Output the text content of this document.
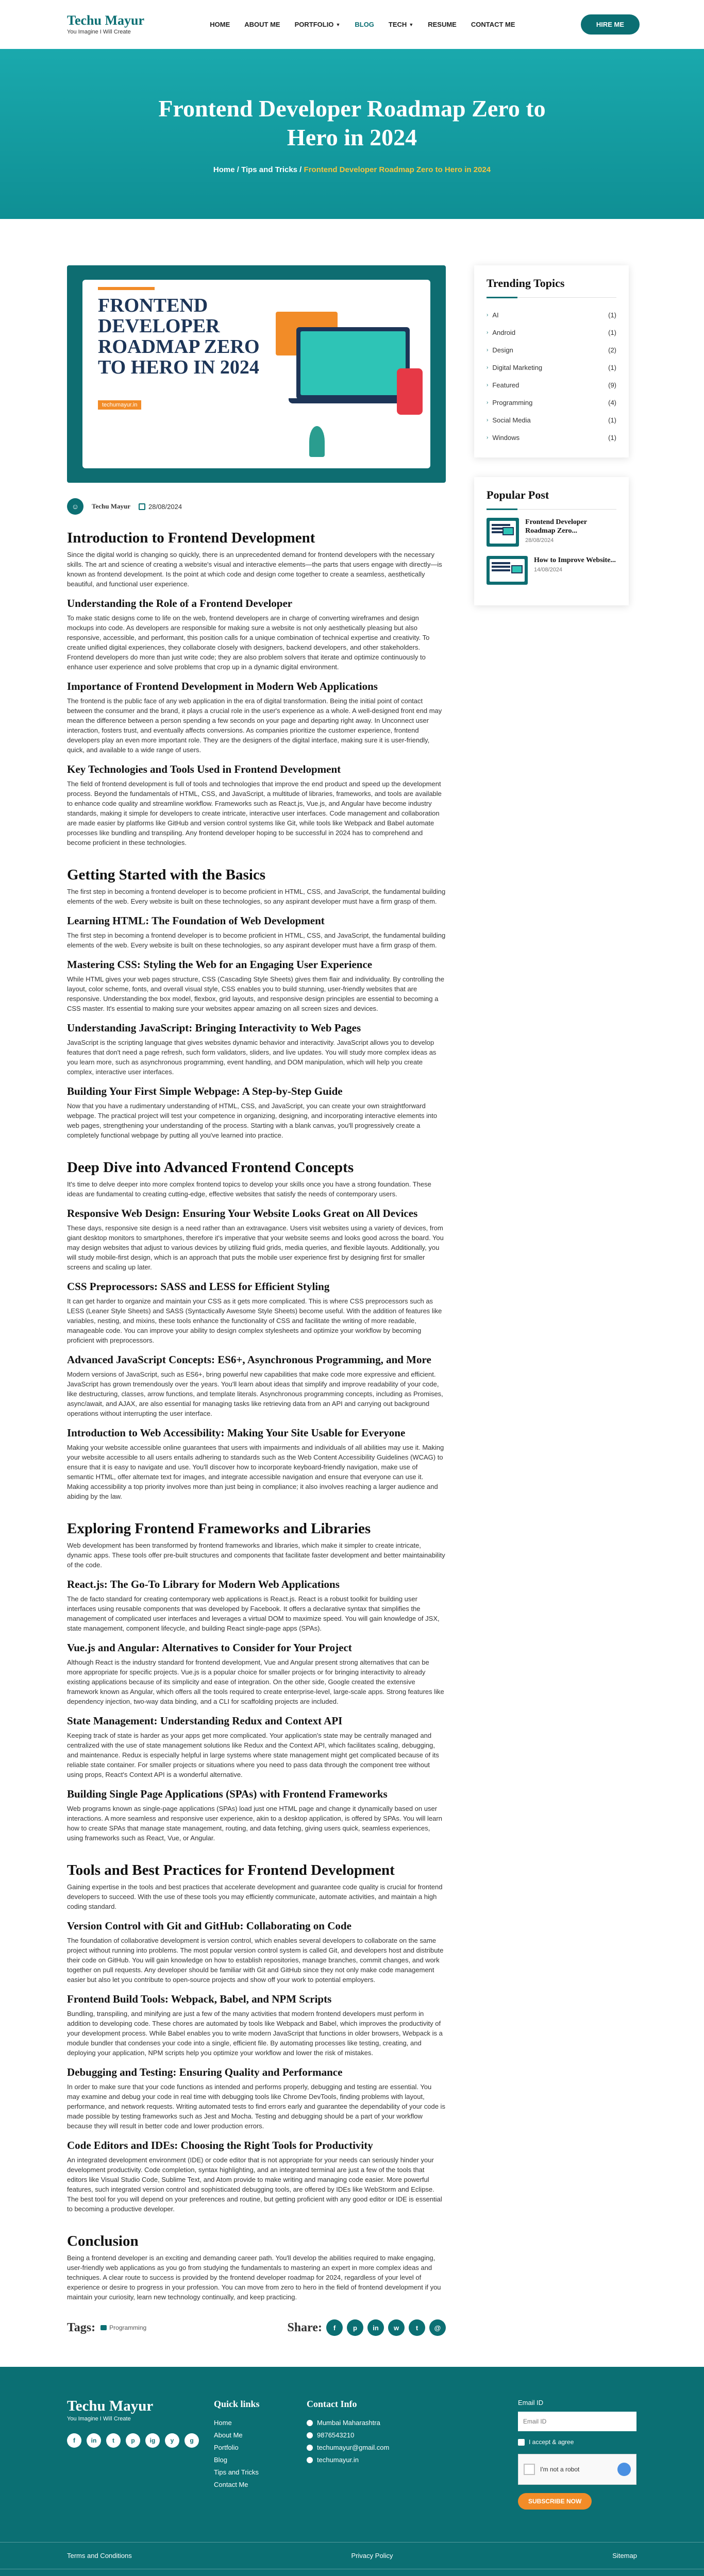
Techu Mayur
You Imagine I Will Create
HOME ABOUT ME PORTFOLIO ▼ BLOG TECH ▼ RESUME CONTACT ME	HIRE ME
Frontend Developer Roadmap Zero to Hero in 2024
Home / Tips and Tricks / Frontend Developer Roadmap Zero to Hero in 2024
FRONTEND DEVELOPER ROADMAP ZERO TO HERO IN 2024
techumayur.in
☺	Techu Mayur	28/08/2024
Introduction to Frontend Development

Since the digital world is changing so quickly, there is an unprecedented demand for frontend developers with the necessary skills. The art and science of creating a website's visual and interactive elements—the parts that users engage with directly—is known as frontend development. Is the point at which code and design come together to create a seamless, aesthetically beautiful, and functional user experience.

Understanding the Role of a Frontend Developer

To make static designs come to life on the web, frontend developers are in charge of converting wireframes and design mockups into code. As developers are responsible for making sure a website is not only aesthetically pleasing but also responsive, accessible, and performant, this position calls for a unique combination of technical expertise and creativity. To create unified digital experiences, they collaborate closely with designers, backend developers, and other stakeholders. Frontend developers do more than just write code; they are also problem solvers that iterate and optimize continuously to enhance user experience and solve problems that crop up in a dynamic digital environment.

Importance of Frontend Development in Modern Web Applications

The frontend is the public face of any web application in the era of digital transformation. Being the initial point of contact between the consumer and the brand, it plays a crucial role in the user's experience as a whole. A well-designed front end may mean the difference between a person spending a few seconds on your page and departing right away. In Unconnect user interaction, fosters trust, and eventually affects conversions. As companies prioritize the customer experience, frontend developers play an even more important role. They are the designers of the digital interface, making sure it is user-friendly, quick, and available to a wide range of users.

Key Technologies and Tools Used in Frontend Development

The field of frontend development is full of tools and technologies that improve the end product and speed up the development process. Beyond the fundamentals of HTML, CSS, and JavaScript, a multitude of libraries, frameworks, and tools are available to enhance code quality and streamline workflow. Frameworks such as React.js, Vue.js, and Angular have become industry standards, making it simple for developers to create intricate, interactive user interfaces. Code management and collaboration are made easier by platforms like GitHub and version control systems like Git, while tools like Webpack and Babel automate processes like bundling and transpiling. Any frontend developer hoping to be successful in 2024 has to comprehend and become proficient in these technologies.

Getting Started with the Basics

The first step in becoming a frontend developer is to become proficient in HTML, CSS, and JavaScript, the fundamental building elements of the web. Every website is built on these technologies, so any aspirant developer must have a firm grasp of them.

Learning HTML: The Foundation of Web Development

The first step in becoming a frontend developer is to become proficient in HTML, CSS, and JavaScript, the fundamental building elements of the web. Every website is built on these technologies, so any aspirant developer must have a firm grasp of them.

Mastering CSS: Styling the Web for an Engaging User Experience

While HTML gives your web pages structure, CSS (Cascading Style Sheets) gives them flair and individuality. By controlling the layout, color scheme, fonts, and overall visual style, CSS enables you to build stunning, user-friendly websites that are responsive. Understanding the box model, flexbox, grid layouts, and responsive design principles are essential to becoming a CSS master. It's essential to making sure your websites appear amazing on all screen sizes and devices.

Understanding JavaScript: Bringing Interactivity to Web Pages

JavaScript is the scripting language that gives websites dynamic behavior and interactivity. JavaScript allows you to develop features that don't need a page refresh, such form validators, sliders, and live updates. You will study more complex ideas as you learn more, such as asynchronous programming, event handling, and DOM manipulation, which will help you create complex, interactive user interfaces.

Building Your First Simple Webpage: A Step-by-Step Guide

Now that you have a rudimentary understanding of HTML, CSS, and JavaScript, you can create your own straightforward webpage. The practical project will test your competence in organizing, designing, and incorporating interactive elements into web pages, strengthening your understanding of the process. Starting with a blank canvas, you'll progressively create a completely functional webpage by putting all you've learned into practice.

Deep Dive into Advanced Frontend Concepts

It's time to delve deeper into more complex frontend topics to develop your skills once you have a strong foundation. These ideas are fundamental to creating cutting-edge, effective websites that satisfy the needs of contemporary users.

Responsive Web Design: Ensuring Your Website Looks Great on All Devices

These days, responsive site design is a need rather than an extravagance. Users visit websites using a variety of devices, from giant desktop monitors to smartphones, therefore it's imperative that your website seems and looks good across the board. You may design websites that adjust to various devices by utilizing fluid grids, media queries, and flexible layouts. Additionally, you will study mobile-first design, which is an approach that puts the mobile user experience first by designing first for smaller screens and scaling up later.

CSS Preprocessors: SASS and LESS for Efficient Styling

It can get harder to organize and maintain your CSS as it gets more complicated. This is where CSS preprocessors such as LESS (Leaner Style Sheets) and SASS (Syntactically Awesome Style Sheets) become useful. With the addition of features like variables, nesting, and mixins, these tools enhance the functionality of CSS and facilitate the writing of more readable, manageable code. You can improve your ability to design complex stylesheets and optimize your workflow by becoming proficient with preprocessors.

Advanced JavaScript Concepts: ES6+, Asynchronous Programming, and More

Modern versions of JavaScript, such as ES6+, bring powerful new capabilities that make code more expressive and efficient. JavaScript has grown tremendously over the years. You'll learn about ideas that simplify and improve readability of your code, like destructuring, classes, arrow functions, and template literals. Asynchronous programming concepts, including as Promises, async/await, and AJAX, are also essential for managing tasks like retrieving data from an API and carrying out background operations without interrupting the user interface.

Introduction to Web Accessibility: Making Your Site Usable for Everyone

Making your website accessible online guarantees that users with impairments and individuals of all abilities may use it. Making your website accessible to all users entails adhering to standards such as the Web Content Accessibility Guidelines (WCAG) to ensure that it is easy to navigate and use. You'll discover how to incorporate keyboard-friendly navigation, make use of semantic HTML, offer alternate text for images, and integrate accessible navigation and ensure that everyone can use it. Making accessibility a top priority involves more than just being in compliance; it also involves reaching a larger audience and abiding by the law.

Exploring Frontend Frameworks and Libraries

Web development has been transformed by frontend frameworks and libraries, which make it simpler to create intricate, dynamic apps. These tools offer pre-built structures and components that facilitate faster development and better maintainability of the code.

React.js: The Go-To Library for Modern Web Applications

The de facto standard for creating contemporary web applications is React.js. React is a robust toolkit for building user interfaces using reusable components that was developed by Facebook. It offers a declarative syntax that simplifies the management of complicated user interfaces and leverages a virtual DOM to maximize speed. You will gain knowledge of JSX, state management, component lifecycle, and building React single-page apps (SPAs).

Vue.js and Angular: Alternatives to Consider for Your Project

Although React is the industry standard for frontend development, Vue and Angular present strong alternatives that can be more appropriate for specific projects. Vue.js is a popular choice for smaller projects or for bringing interactivity to already existing applications because of its simplicity and ease of integration. On the other side, Google created the extensive framework known as Angular, which offers all the tools required to create enterprise-level, large-scale apps. Strong features like dependency injection, two-way data binding, and a CLI for scaffolding projects are included.

State Management: Understanding Redux and Context API

Keeping track of state is harder as your apps get more complicated. Your application's state may be centrally managed and centralized with the use of state management solutions like Redux and the Context API, which facilitates scaling, debugging, and maintenance. Redux is especially helpful in large systems where state management might get complicated because of its reliable state container. For smaller projects or situations where you need to pass data through the component tree without using props, React's Context API is a wonderful alternative.

Building Single Page Applications (SPAs) with Frontend Frameworks

Web programs known as single-page applications (SPAs) load just one HTML page and change it dynamically based on user interactions. A more seamless and responsive user experience, akin to a desktop application, is offered by SPAs. You will learn how to create SPAs that manage state management, routing, and data fetching, giving users quick, seamless experiences, using frameworks such as React, Vue, or Angular.

Tools and Best Practices for Frontend Development

Gaining expertise in the tools and best practices that accelerate development and guarantee code quality is crucial for frontend developers to succeed. With the use of these tools you may efficiently communicate, automate activities, and maintain a high coding standard.

Version Control with Git and GitHub: Collaborating on Code

The foundation of collaborative development is version control, which enables several developers to collaborate on the same project without running into problems. The most popular version control system is called Git, and developers host and distribute their code on GitHub. You will gain knowledge on how to establish repositories, manage branches, commit changes, and work together on pull requests. Any developer should be familiar with Git and GitHub since they not only make code management easier but also let you contribute to open-source projects and show off your work to potential employers.

Frontend Build Tools: Webpack, Babel, and NPM Scripts

Bundling, transpiling, and minifying are just a few of the many activities that modern frontend developers must perform in addition to developing code. These chores are automated by tools like Webpack and Babel, which improves the productivity of your development process. While Babel enables you to write modern JavaScript that functions in older browsers, Webpack is a module bundler that condenses your code into a single, efficient file. By automating processes like testing, creating, and deploying your application, NPM scripts help you optimize your workflow and lower the risk of mistakes.

Debugging and Testing: Ensuring Quality and Performance

In order to make sure that your code functions as intended and performs properly, debugging and testing are essential. You may examine and debug your code in real time with debugging tools like Chrome DevTools, finding problems with layout, performance, and network requests. Writing automated tests to find errors early and guarantee the dependability of your code is made possible by testing frameworks such as Jest and Mocha. Testing and debugging should be a part of your workflow because they will result in better code and lower production errors.

Code Editors and IDEs: Choosing the Right Tools for Productivity

An integrated development environment (IDE) or code editor that is not appropriate for your needs can seriously hinder your development productivity. Code completion, syntax highlighting, and an integrated terminal are just a few of the tools that editors like Visual Studio Code, Sublime Text, and Atom provide to make writing and managing code easier. More powerful features, such integrated version control and sophisticated debugging tools, are offered by IDEs like WebStorm and Eclipse. The best tool for you will depend on your preferences and routine, but getting proficient with any good editor or IDE is essential to becoming a productive developer.

Conclusion

Being a frontend developer is an exciting and demanding career path. You'll develop the abilities required to make engaging, user-friendly web applications as you go from studying the fundamentals to mastering an expert in more complex ideas and techniques. A clear route to success is provided by the frontend developer roadmap for 2024, regardless of your level of experience or desire to progress in your profession. You can move from zero to hero in the field of frontend development if you maintain your curiosity, learn new technology continually, and keep practicing.

Tags: Programming	Share:	f	p	in	w	t	@
Trending Topics
› AI	(1)
› Android	(1)
› Design	(2)
› Digital Marketing	(1)
› Featured	(9)
› Programming	(4)
› Social Media	(1)
› Windows	(1)
Popular Post
Frontend Developer Roadmap Zero...
28/08/2024
How to Improve Website...
14/08/2024
Techu Mayur
You Imagine I Will Create
f	in	t	p	ig	y	g
Quick links
Home
About Me
Portfolio
Blog
Tips and Tricks
Contact Me
Contact Info
Mumbai Maharashtra
9876543210
techumayur@gmail.com
techumayur.in
Email ID
Email ID
I accept & agree
I'm not a robot
SUBSCRIBE NOW
Terms and Conditions	Privacy Policy	Sitemap
